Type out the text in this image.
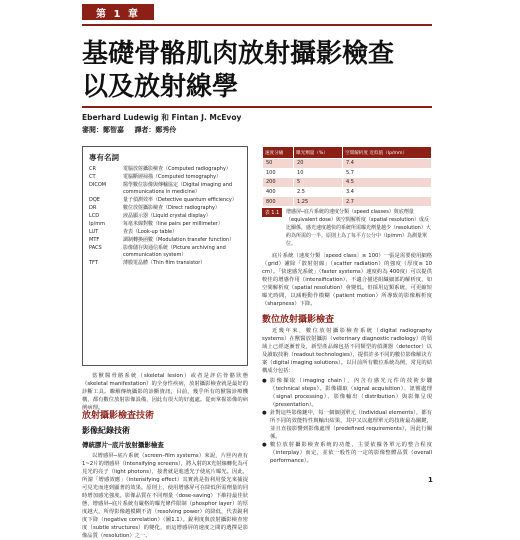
第 1 章
基礎骨骼肌肉放射攝影檢查
以及放射線學
Eberhard Ludewig 和 Fintan J. McEvoy
審閱：鄭智嘉 譯者：鄭秀伶
專有名詞
CR	電腦放射攝影檢查（Computed radiography）
CT	電腦斷層掃描（Computed tomography）
DICOM	醫學數位影像與傳輸協定（Digital imaging and communications in medicine）
DQE	量子偵測效率（Detective quantum efficiency）
DR	數位放射攝影檢查（Direct radiography）
LCD	液晶顯示器（Liquid crystal display）
lp/mm	每毫米線對數（line pairs per millimeter）
LUT	查表（Look-up table）
MTF	調制轉換函數（Modulation transfer function）
PACS	影像儲存與通信系統（Picture archiving and communication system）
TFT	薄膜電晶體（Thin film transistor）

當獸醫骨骼系統（skeletal lesion）或者是評估骨骼狀態（skeletal manifestation）的全身性疾病，放射攝影檢查就是最好的診斷工具。瞭解傳統攝影的診斷資訊，目前，幾乎所有的獸醫診療機構，都有數位放射影像設備，因此有很大的好處處。從而掌握影像的病例病理。

放射攝影檢查技術
影像紀錄技術
傳統膠片─底片放射攝影檢查

以增感屏─底片系統（screen–film systems）來說，片匣內會有1~2片的增感屏（intensifying screens），將入射的X光射線轉化為可見光的亮子（light photons），接著就是進透光子使底片曝光。因此，所謂「增感效應」（intensifying effect）其實就是指利用螢光來捕捉可見光而達到顯著的效果。原則上，使用增感屏可在降低所需劑量的同時增加感光強度。影像品質在不同劑量（dose-saving）下維持最佳狀態，增感屏─底片系統有嚴格的曝光條件限制（phosphor layer）的厚度越大，所得影像越模糊不清（resolving power）的降低，代表銳利度下降（negative correlation）（圖1.1）。銳利度與放射攝影檢查密度（subtle structures）的變化，而這增感屏的速度之間的選擇是影像品質（resolution）之一。

速度分級	曝光劑量（%）	空間解析度 近似值（lp/mm）
50	20	7.4
100	10	5.7
200	5	4.5
400	2.5	3.4
800	1.25	2.7
表 1.1	增感屏─底片系統的速度分類（speed classes）與底劑量（equivalent dose）與空間解析度（spatial resolution）成反比關係，感光速度越快的系統所需曝光劑量越少（resolution）大約為所需的一半。原則上為了每平方公分中（lp/mm）為測量單位。

底片系統（速度分類〔speed class〕≥ 100）一張是需要使用細格（grid）濾除「散射射線」（scatter radiation）的強度（厚度≥ 10 cm）。「快速感光系統」（faster systems）速度約為 400度）可以提供較佳的增感作用（intensification），不適合描述組織細部的解析度，如空間解析度（spatial resolution）會變低。但採用這類系統，可更縮短曝光時間，以減輕動作模糊（patient motion）所導致的影像解析度（sharpness）下降。

數位放射攝影檢查

近幾年來，數位放射攝影檢查系統（digital radiography systems）在獸醫放射攝影（veterinary diagnostic radiology）的領域上已經逐漸普及，新型產品線包括不同類型的偵測器（detector）以及讀取技術（readout technologies），提供許多不同的數位影像解決方案（digital imaging solutions）。以目前所有數位系統為例，常見的結構成分包括：

● 影像擷取（imaging chain），內含有感光元件的技術步驟（technical steps）。影像擷取（signal acquisition）、訊號處理（signal processing）、影像輸出（distribution）與影像呈現（presentation）。
● 針對這些影像鏈中，每一個個別單元（individual elements），都有所不同的效能特性與輸出結果，其中又以處理單元的技術最為關鍵，並且直接影響到影像處理（predefined requirements），因此行關係。
● 數位放射攝影檢查系統的功能，主要依據各單元的整合程度（interplay）而定，並依一般性的一定的影像整體品質（overall performance）。
1
